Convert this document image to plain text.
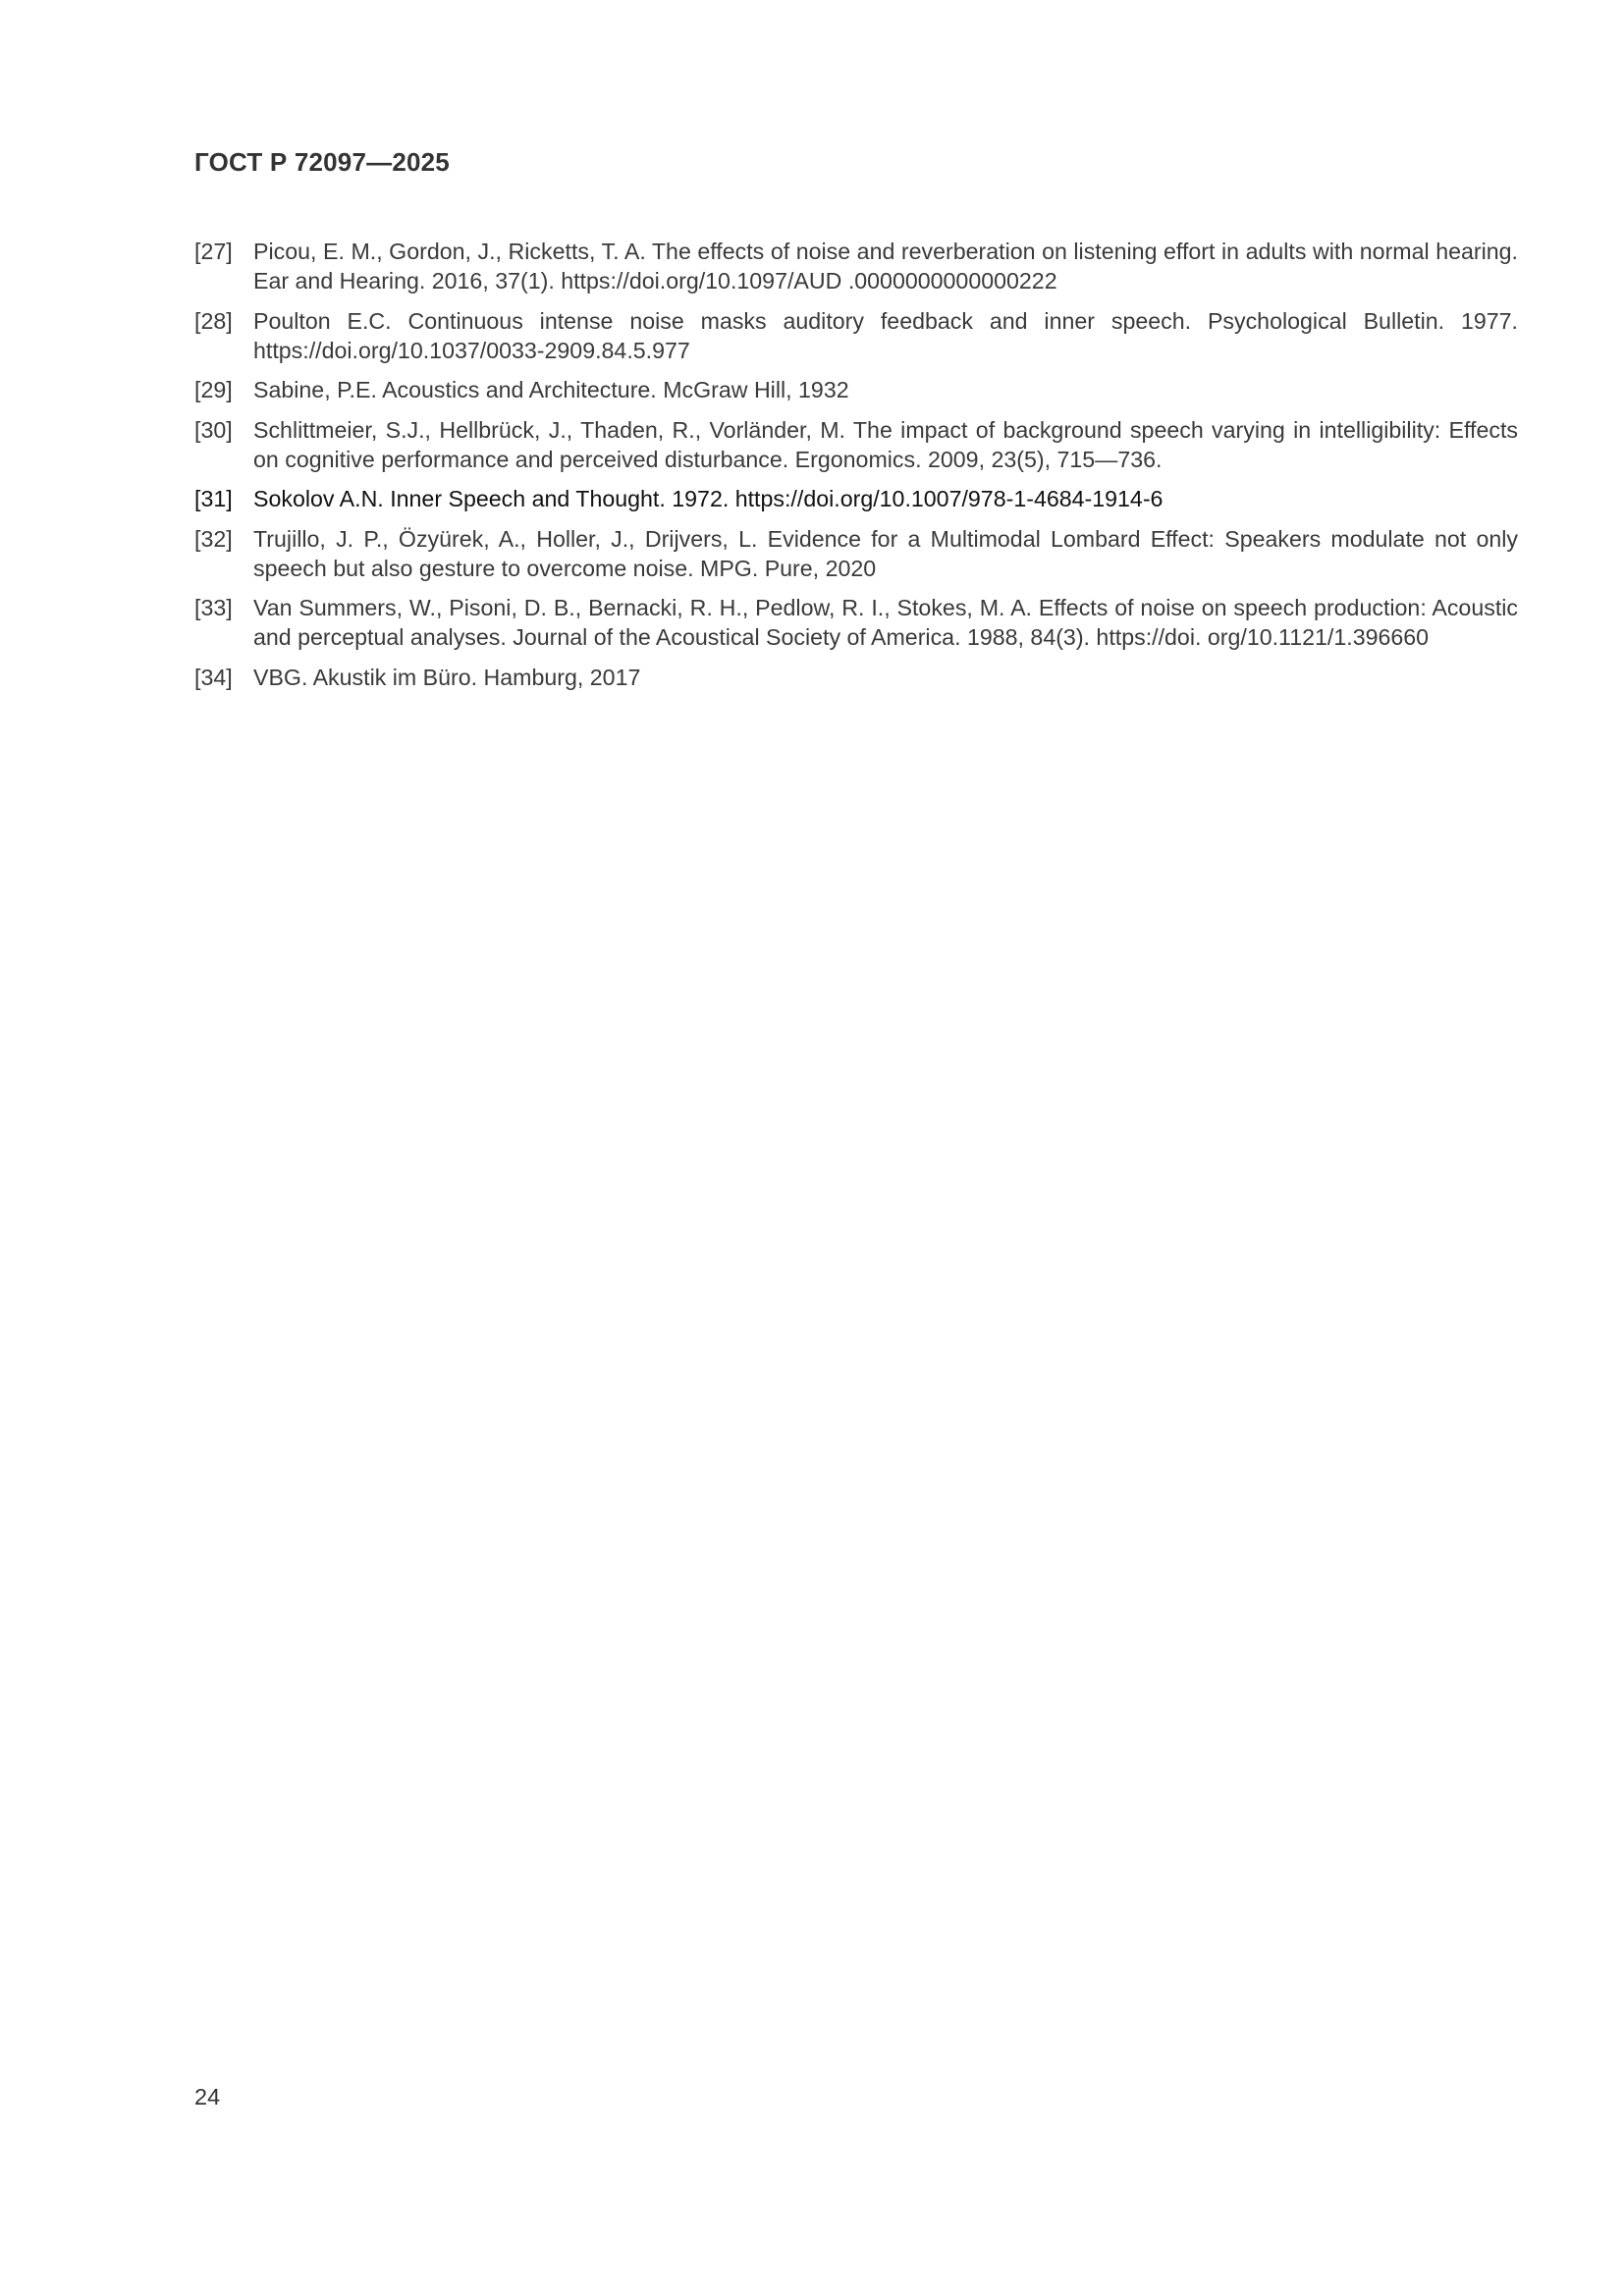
ГОСТ Р 72097—2025
[27] Picou, E. M., Gordon, J., Ricketts, T. A. The effects of noise and reverberation on listening effort in adults with normal hearing. Ear and Hearing. 2016, 37(1). https://doi.org/10.1097/AUD .0000000000000222
[28] Poulton E.C. Continuous intense noise masks auditory feedback and inner speech. Psychological Bulletin. 1977. https://doi.org/10.1037/0033-2909.84.5.977
[29] Sabine, P.E. Acoustics and Architecture. McGraw Hill, 1932
[30] Schlittmeier, S.J., Hellbrück, J., Thaden, R., Vorländer, M. The impact of background speech varying in intelligibility: Effects on cognitive performance and perceived disturbance. Ergonomics. 2009, 23(5), 715—736.
[31] Sokolov A.N. Inner Speech and Thought. 1972. https://doi.org/10.1007/978-1-4684-1914-6
[32] Trujillo, J. P., Özyürek, A., Holler, J., Drijvers, L. Evidence for a Multimodal Lombard Effect: Speakers modulate not only speech but also gesture to overcome noise. MPG. Pure, 2020
[33] Van Summers, W., Pisoni, D. B., Bernacki, R. H., Pedlow, R. I., Stokes, M. A. Effects of noise on speech production: Acoustic and perceptual analyses. Journal of the Acoustical Society of America. 1988, 84(3). https://doi. org/10.1121/1.396660
[34] VBG. Akustik im Büro. Hamburg, 2017
24
